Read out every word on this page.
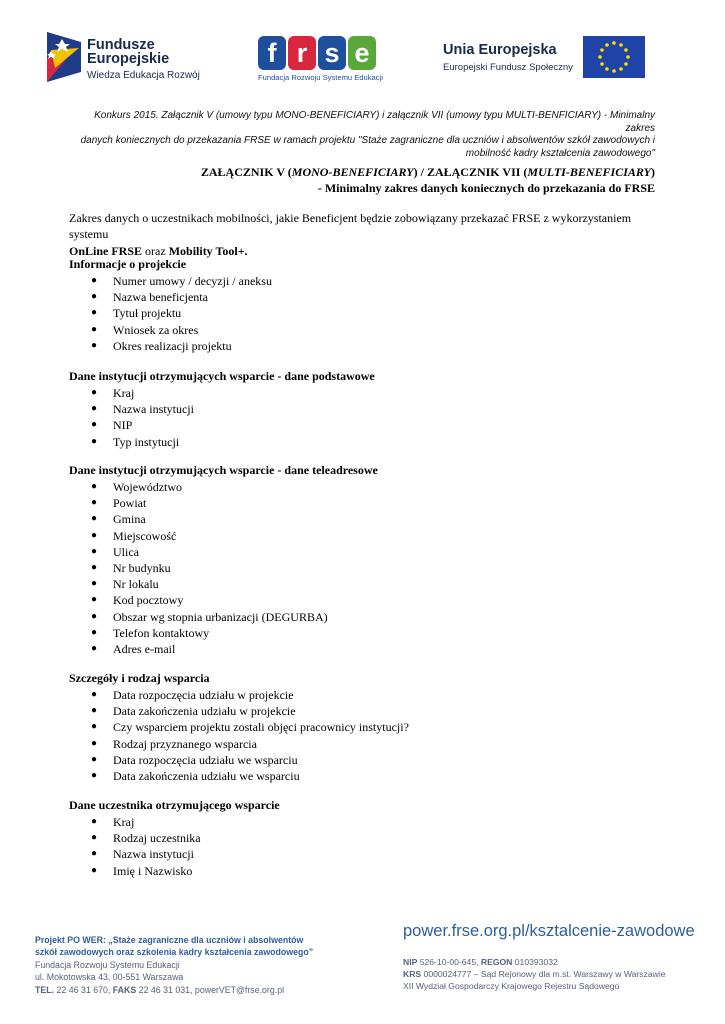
Fundusze
Europejskie
Wiedza Edukacja Rozwój
f r s e
Fundacja Rozwoju Systemu Edukacji
Unia Europejska
Europejski Fundusz Społeczny
Konkurs 2015. Załącznik V (umowy typu MONO-BENEFICIARY) i załącznik VII (umowy typu MULTI-BENFICIARY) - Minimalny zakres
danych koniecznych do przekazania FRSE w ramach projektu "Staże zagraniczne dla uczniów i absolwentów szkół zawodowych i
mobilność kadry kształcenia zawodowego"
ZAŁĄCZNIK V (MONO-BENEFICIARY) / ZAŁĄCZNIK VII (MULTI-BENEFICIARY)
- Minimalny zakres danych koniecznych do przekazania do FRSE
Zakres danych o uczestnikach mobilności, jakie Beneficjent będzie zobowiązany przekazać FRSE z wykorzystaniem systemu
OnLine FRSE oraz Mobility Tool+.
Informacje o projekcie
● Numer umowy / decyzji / aneksu
● Nazwa beneficjenta
● Tytuł projektu
● Wniosek za okres
● Okres realizacji projektu
Dane instytucji otrzymujących wsparcie - dane podstawowe
● Kraj
● Nazwa instytucji
● NIP
● Typ instytucji
Dane instytucji otrzymujących wsparcie - dane teleadresowe
● Województwo
● Powiat
● Gmina
● Miejscowość
● Ulica
● Nr budynku
● Nr lokalu
● Kod pocztowy
● Obszar wg stopnia urbanizacji (DEGURBA)
● Telefon kontaktowy
● Adres e-mail
Szczegóły i rodzaj wsparcia
● Data rozpoczęcia udziału w projekcie
● Data zakończenia udziału w projekcie
● Czy wsparciem projektu zostali objęci pracownicy instytucji?
● Rodzaj przyznanego wsparcia
● Data rozpoczęcia udziału we wsparciu
● Data zakończenia udziału we wsparciu
Dane uczestnika otrzymującego wsparcie
● Kraj
● Rodzaj uczestnika
● Nazwa instytucji
● Imię i Nazwisko
Projekt PO WER: „Staże zagraniczne dla uczniów i absolwentów
szkół zawodowych oraz szkolenia kadry kształcenia zawodowego”
Fundacja Rozwoju Systemu Edukacji
ul. Mokotowska 43, 00-551 Warszawa
TEL. 22 46 31 670, FAKS 22 46 31 031, powerVET@frse.org.pl
power.frse.org.pl/ksztalcenie-zawodowe
NIP 526-10-00-645, REGON 010393032
KRS 0000024777 – Sąd Rejonowy dla m.st. Warszawy w Warszawie
XII Wydział Gospodarczy Krajowego Rejestru Sądowego
